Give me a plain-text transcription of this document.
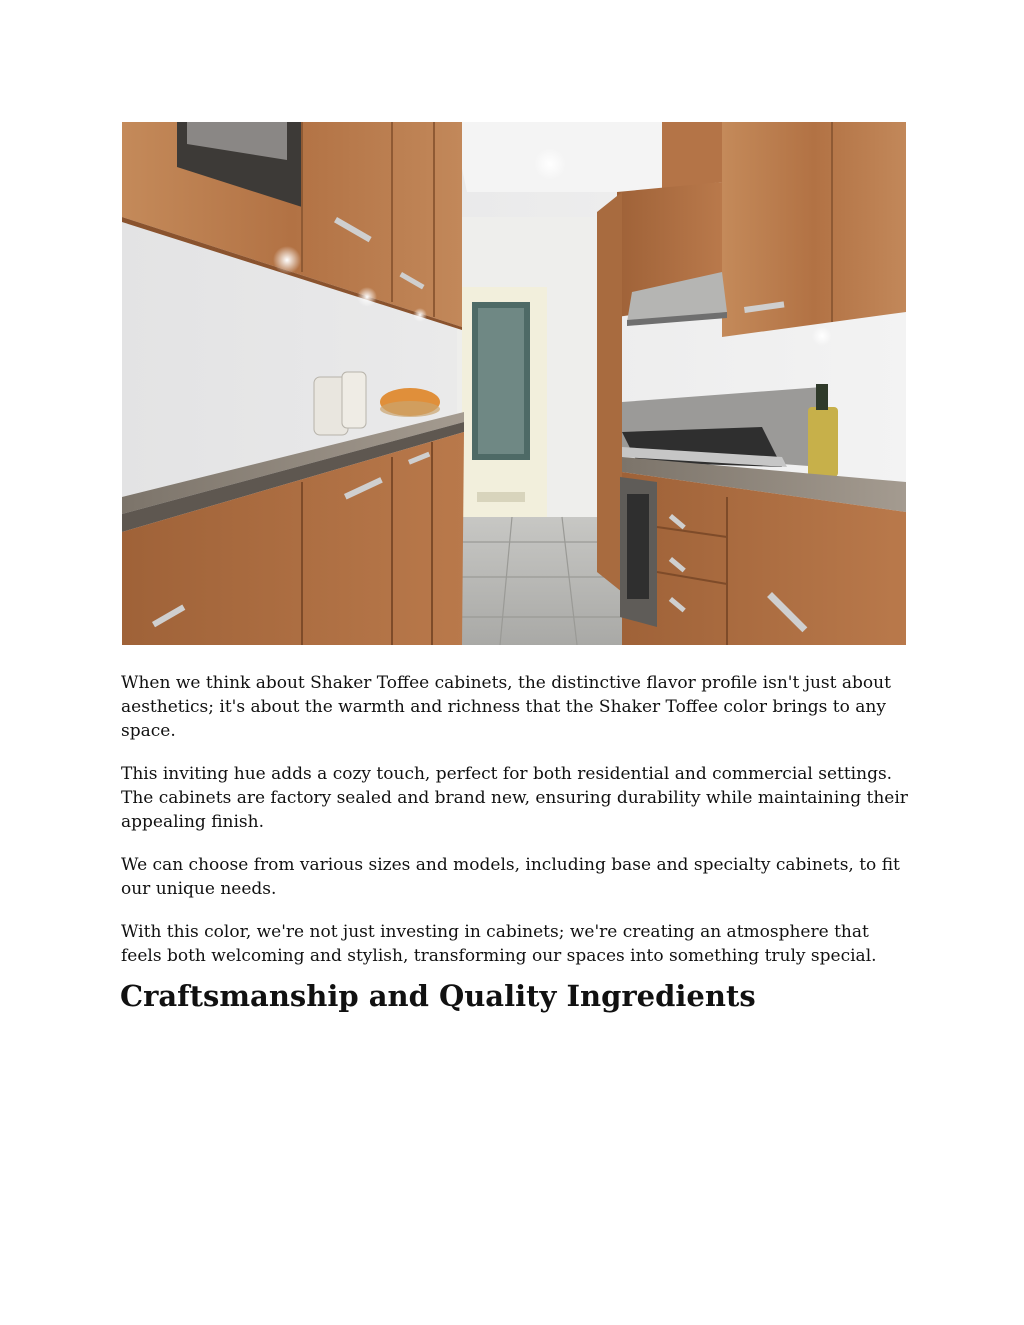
When we think about Shaker Toffee cabinets, the distinctive flavor profile isn't just about aesthetics; it's about the warmth and richness that the Shaker Toffee color brings to any space.

This inviting hue adds a cozy touch, perfect for both residential and commercial settings. The cabinets are factory sealed and brand new, ensuring durability while maintaining their appealing finish.

We can choose from various sizes and models, including base and specialty cabinets, to fit our unique needs.

With this color, we're not just investing in cabinets; we're creating an atmosphere that feels both welcoming and stylish, transforming our spaces into something truly special.

Craftsmanship and Quality Ingredients
